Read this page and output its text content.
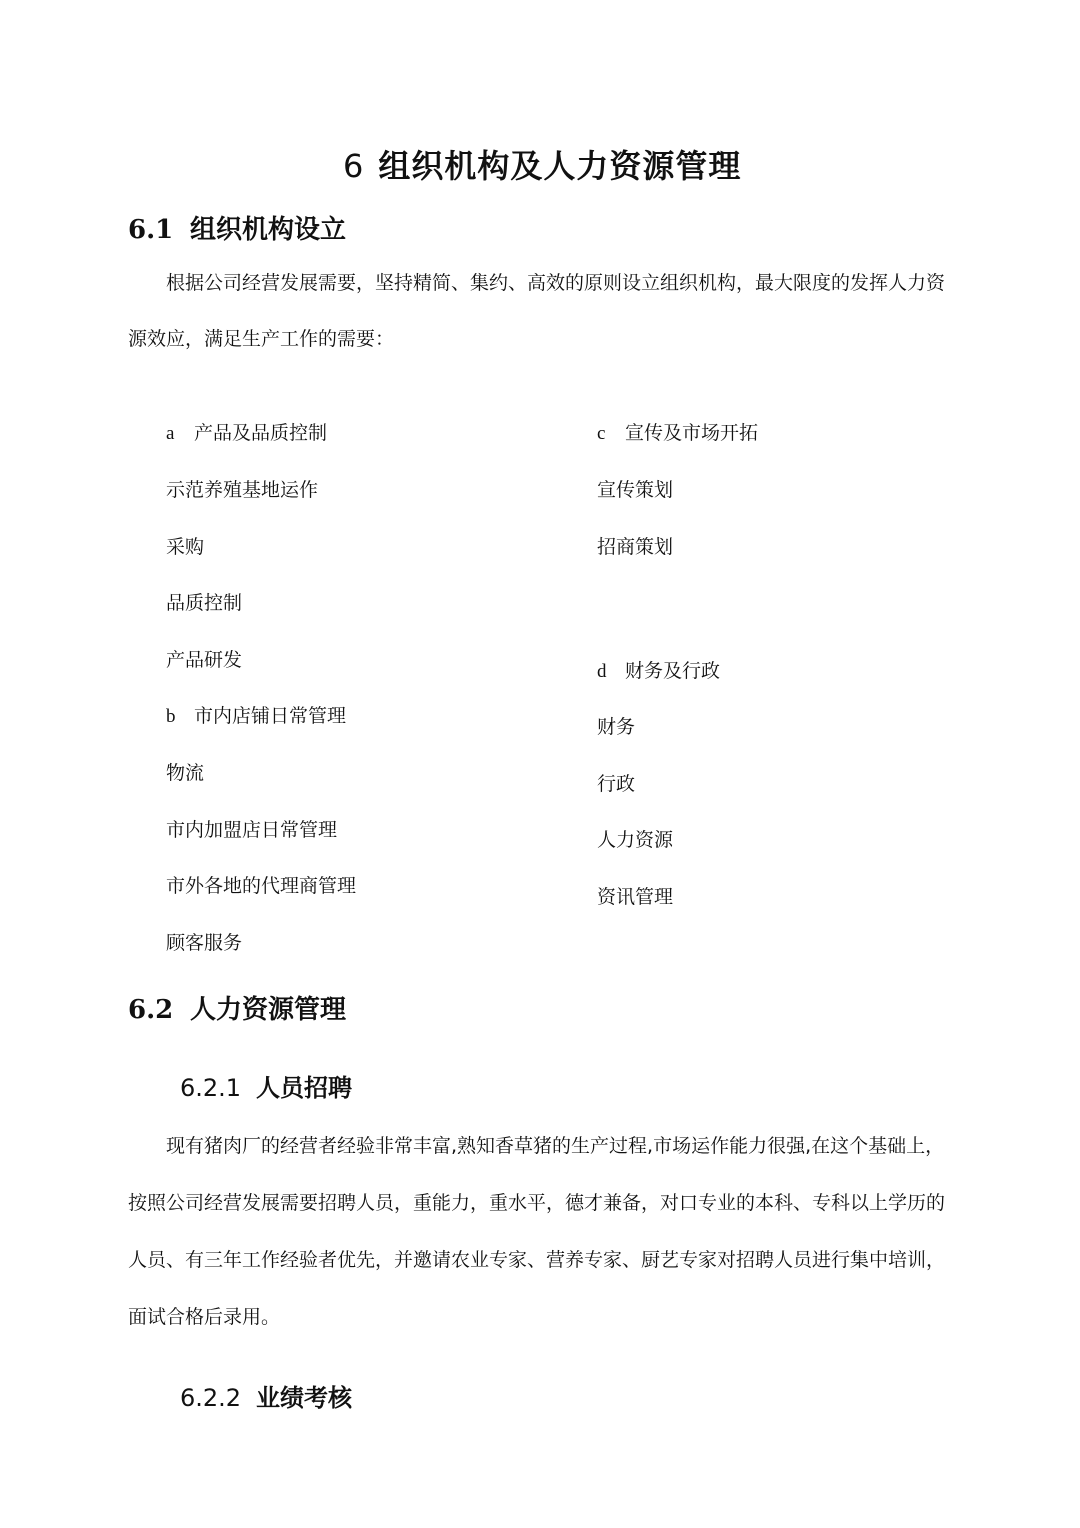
6 组织机构及人力资源管理
6.1 组织机构设立
根据公司经营发展需要，坚持精简、集约、高效的原则设立组织机构，最大限度的发挥人力资
源效应，满足生产工作的需要：
a 产品及品质控制
示范养殖基地运作
采购
品质控制
产品研发
b 市内店铺日常管理
物流
市内加盟店日常管理
市外各地的代理商管理
顾客服务
c 宣传及市场开拓
宣传策划
招商策划
d 财务及行政
财务
行政
人力资源
资讯管理
6.2 人力资源管理
6.2.1 人员招聘
现有猪肉厂的经营者经验非常丰富,熟知香草猪的生产过程,市场运作能力很强,在这个基础上，
按照公司经营发展需要招聘人员，重能力，重水平，德才兼备，对口专业的本科、专科以上学历的
人员、有三年工作经验者优先，并邀请农业专家、营养专家、厨艺专家对招聘人员进行集中培训，
面试合格后录用。
6.2.2 业绩考核
